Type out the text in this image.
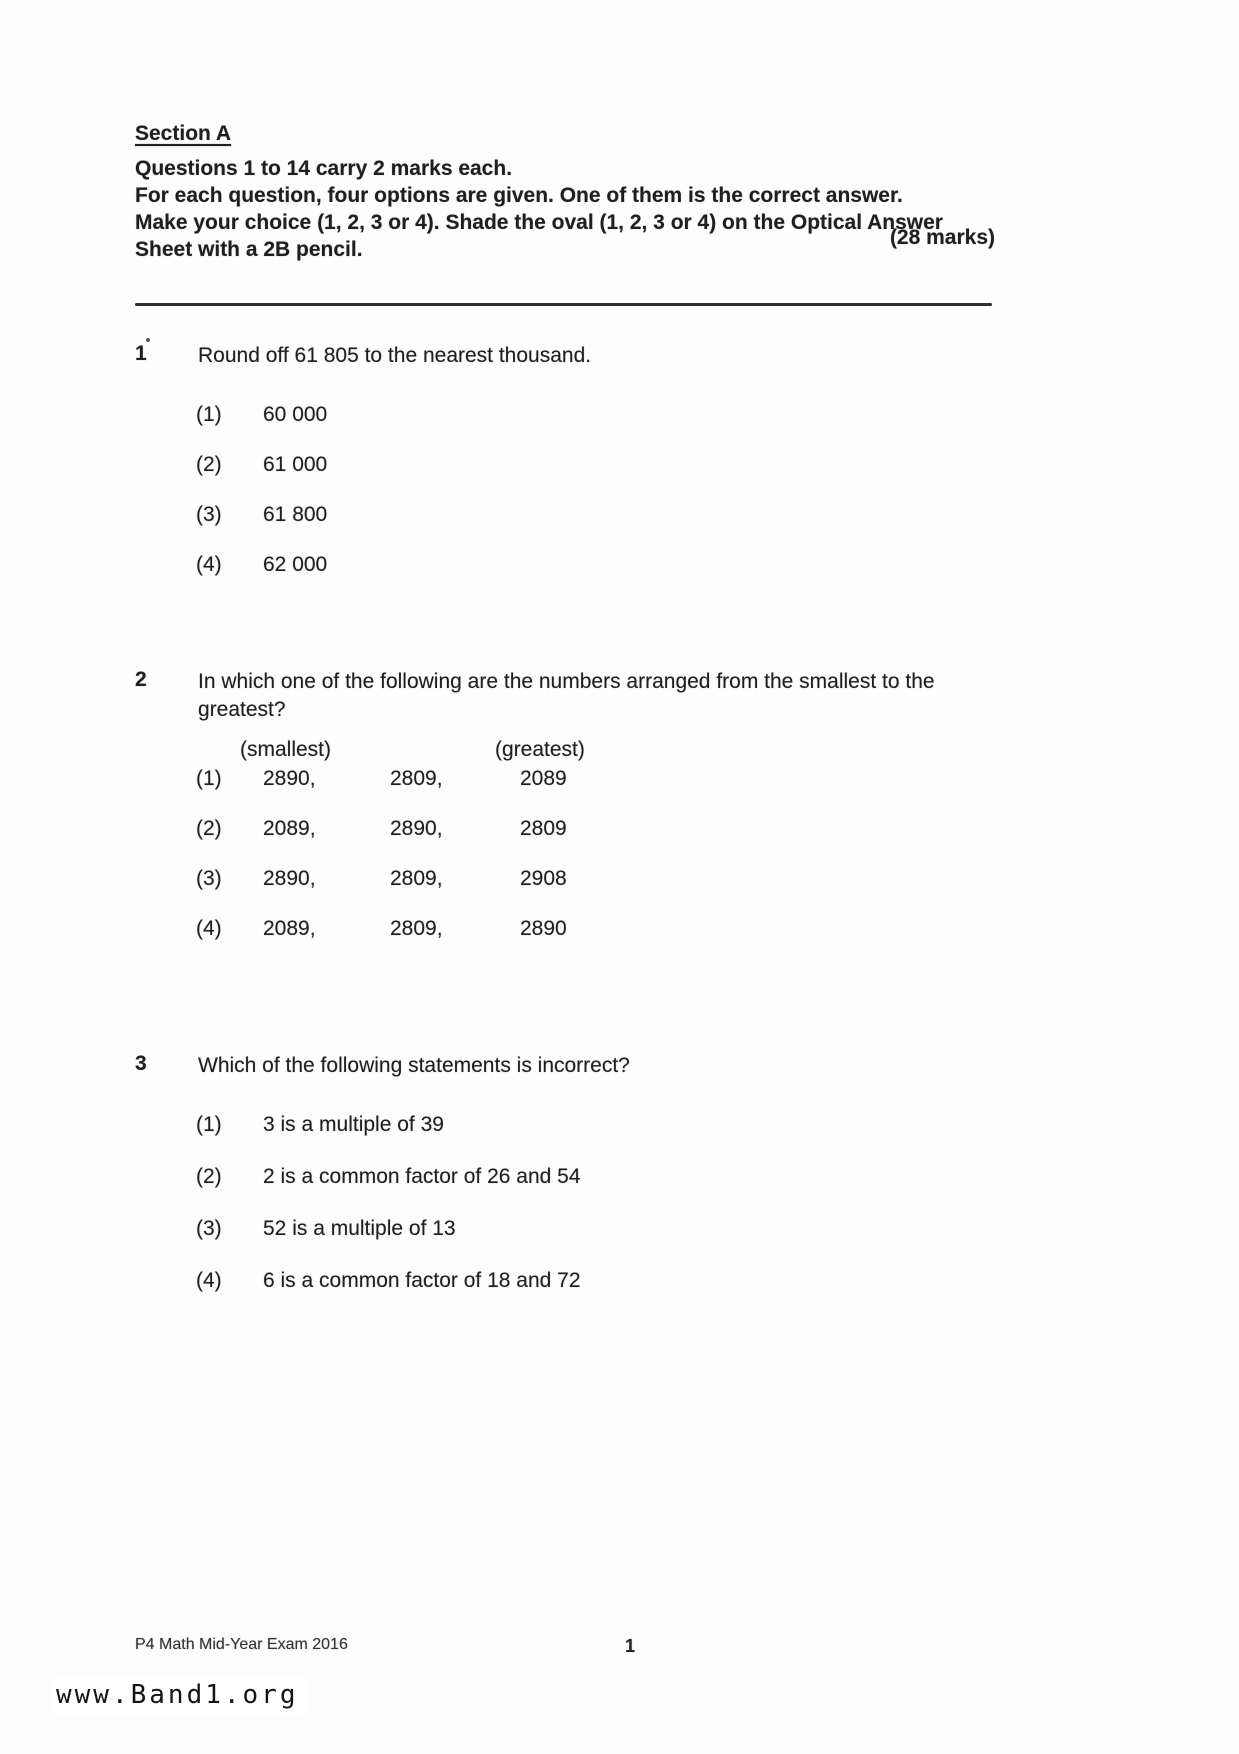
Section A
Questions 1 to 14 carry 2 marks each.
For each question, four options are given. One of them is the correct answer.
Make your choice (1, 2, 3 or 4). Shade the oval (1, 2, 3 or 4) on the Optical Answer
Sheet with a 2B pencil.
(28 marks)
1	Round off 61 805 to the nearest thousand.
(1)	60 000
(2)	61 000
(3)	61 800
(4)	62 000
2	In which one of the following are the numbers arranged from the smallest to the
greatest?
(smallest)	(greatest)
(1)	2890,	2809,	2089
(2)	2089,	2890,	2809
(3)	2890,	2809,	2908
(4)	2089,	2809,	2890
3	Which of the following statements is incorrect?
(1)	3 is a multiple of 39
(2)	2 is a common factor of 26 and 54
(3)	52 is a multiple of 13
(4)	6 is a common factor of 18 and 72
P4 Math Mid-Year Exam 2016	1
www.Band1.org
